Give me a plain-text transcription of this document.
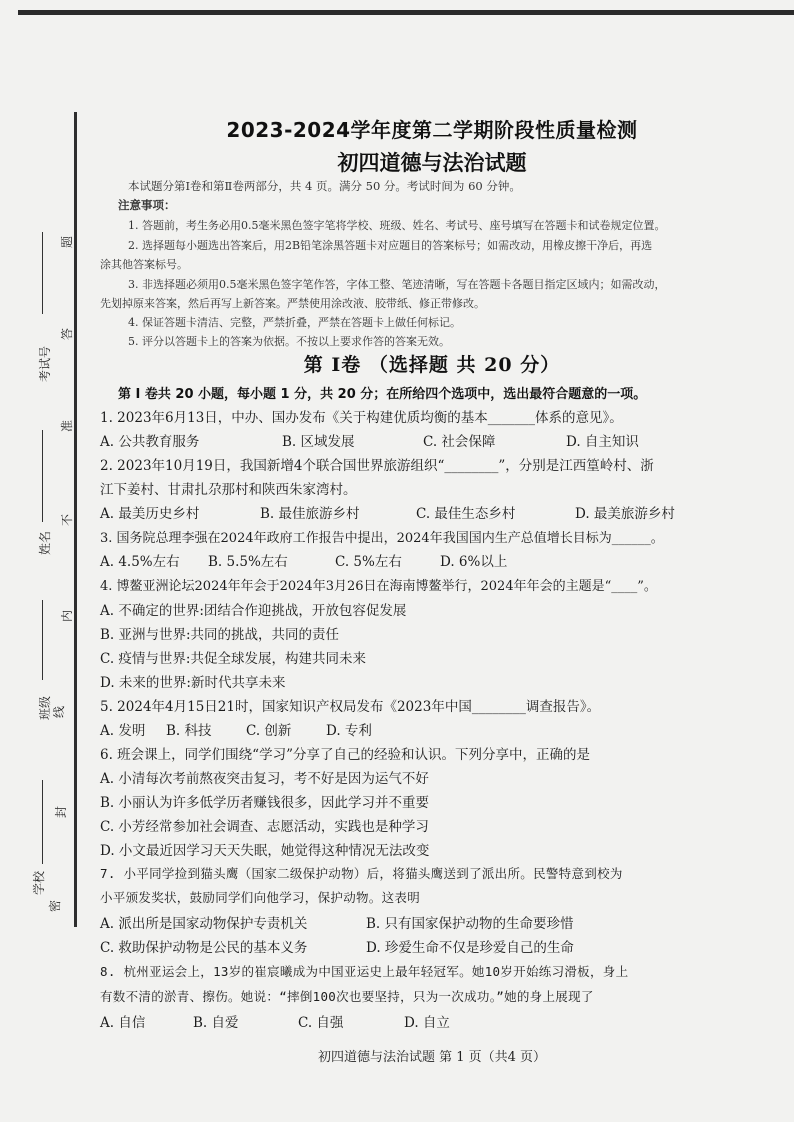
考试号
姓名
班级
学校
题
答
准
不
内
线
封
密
2023-2024学年度第二学期阶段性质量检测
初四道德与法治试题
本试题分第Ⅰ卷和第Ⅱ卷两部分，共 4 页。满分 50 分。考试时间为 60 分钟。
注意事项：
1. 答题前，考生务必用0.5毫米黑色签字笔将学校、班级、姓名、考试号、座号填写在答题卡和试卷规定位置。
2. 选择题每小题选出答案后，用2B铅笔涂黑答题卡对应题目的答案标号；如需改动，用橡皮擦干净后，再选
涂其他答案标号。
3. 非选择题必须用0.5毫米黑色签字笔作答，字体工整、笔迹清晰，写在答题卡各题目指定区域内；如需改动，
先划掉原来答案，然后再写上新答案。严禁使用涂改液、胶带纸、修正带修改。
4. 保证答题卡清洁、完整，严禁折叠，严禁在答题卡上做任何标记。
5. 评分以答题卡上的答案为依据。不按以上要求作答的答案无效。
第 Ⅰ卷 （选择题 共 20 分）
第 Ⅰ 卷共 20 小题，每小题 1 分，共 20 分；在所给四个选项中，选出最符合题意的一项。
1. 2023年6月13日，中办、国办发布《关于构建优质均衡的基本_______体系的意见》。
A. 公共教育服务	B. 区域发展	C. 社会保障	D. 自主知识
2. 2023年10月19日，我国新增4个联合国世界旅游组织“________”，分别是江西篁岭村、浙
江下姜村、甘肃扎尕那村和陕西朱家湾村。
A. 最美历史乡村	B. 最佳旅游乡村	C. 最佳生态乡村	D. 最美旅游乡村
3. 国务院总理李强在2024年政府工作报告中提出，2024年我国国内生产总值增长目标为______。
A. 4.5%左右 B. 5.5%左右	C. 5%左右	D. 6%以上
4. 博鳌亚洲论坛2024年年会于2024年3月26日在海南博鳌举行，2024年年会的主题是“____”。
A. 不确定的世界:团结合作迎挑战，开放包容促发展
B. 亚洲与世界:共同的挑战，共同的责任
C. 疫情与世界:共促全球发展，构建共同未来
D. 未来的世界:新时代共享未来
5. 2024年4月15日21时，国家知识产权局发布《2023年中国________调查报告》。
A. 发明 B. 科技	C. 创新	D. 专利
6. 班会课上，同学们围绕“学习”分享了自己的经验和认识。下列分享中，正确的是
A. 小清每次考前熬夜突击复习，考不好是因为运气不好
B. 小丽认为许多低学历者赚钱很多，因此学习并不重要
C. 小芳经常参加社会调查、志愿活动，实践也是种学习
D. 小文最近因学习天天失眠，她觉得这种情况无法改变
7. 小平同学捡到猫头鹰（国家二级保护动物）后，将猫头鹰送到了派出所。民警特意到校为
小平颁发奖状，鼓励同学们向他学习，保护动物。这表明
A. 派出所是国家动物保护专责机关	B. 只有国家保护动物的生命要珍惜
C. 救助保护动物是公民的基本义务	D. 珍爱生命不仅是珍爱自己的生命
8. 杭州亚运会上，13岁的崔宸曦成为中国亚运史上最年轻冠军。她10岁开始练习滑板，身上
有数不清的淤青、擦伤。她说：“摔倒100次也要坚持，只为一次成功。”她的身上展现了
A. 自信	B. 自爱	C. 自强	D. 自立
初四道德与法治试题 第 1 页（共4 页）
